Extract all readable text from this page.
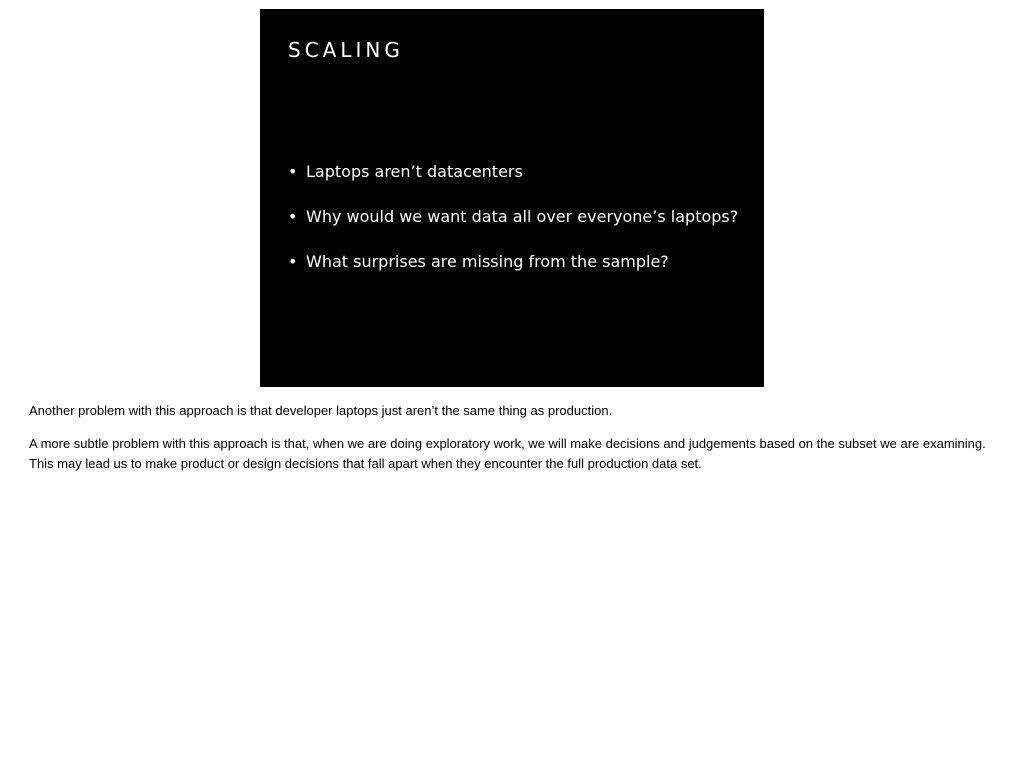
SCALING
• Laptops aren’t datacenters
• Why would we want data all over everyone’s laptops?
• What surprises are missing from the sample?

Another problem with this approach is that developer laptops just aren’t the same thing as production.

A more subtle problem with this approach is that, when we are doing exploratory work, we will make decisions and judgements based on the subset we are examining.
This may lead us to make product or design decisions that fall apart when they encounter the full production data set.
